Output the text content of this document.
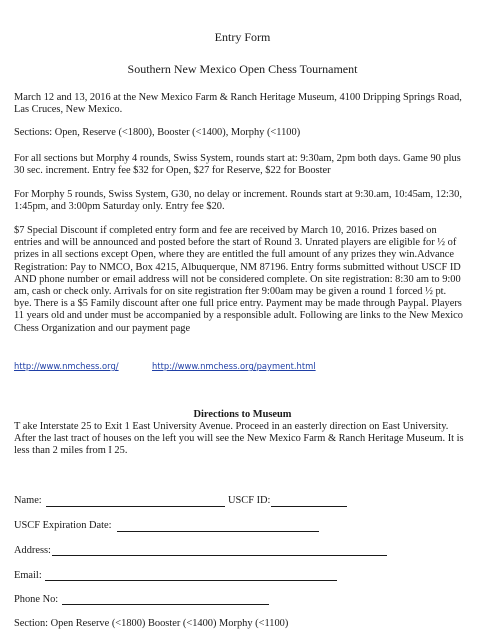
Entry Form
Southern New Mexico Open Chess Tournament

March 12 and 13, 2016 at the New Mexico Farm & Ranch Heritage Museum, 4100 Dripping Springs Road, Las Cruces, New Mexico.

Sections: Open, Reserve (<1800), Booster (<1400), Morphy (<1100)

For all sections but Morphy 4 rounds, Swiss System, rounds start at: 9:30am, 2pm both days. Game 90 plus 30 sec. increment. Entry fee $32 for Open, $27 for Reserve, $22 for Booster

For Morphy 5 rounds, Swiss System, G30, no delay or increment. Rounds start at 9:30.am, 10:45am, 12:30, 1:45pm, and 3:00pm Saturday only. Entry fee $20.

$7 Special Discount if completed entry form and fee are received by March 10, 2016. Prizes based on entries and will be announced and posted before the start of Round 3. Unrated players are eligible for ½ of prizes in all sections except Open, where they are entitled the full amount of any prizes they win.Advance Registration: Pay to NMCO, Box 4215, Albuquerque, NM 87196. Entry forms submitted without USCF ID AND phone number or email address will not be considered complete. On site registration: 8:30 am to 9:00 am, cash or check only. Arrivals for on site registration fter 9:00am may be given a round 1 forced ½ pt. bye. There is a $5 Family discount after one full price entry. Payment may be made through Paypal. Players 11 years old and under must be accompanied by a responsible adult. Following are links to the New Mexico Chess Organization and our payment page

http://www.nmchess.org/	http://www.nmchess.org/payment.html
Directions to Museum

T ake Interstate 25 to Exit 1 East University Avenue. Proceed in an easterly direction on East University. After the last tract of houses on the left you will see the New Mexico Farm & Ranch Heritage Museum. It is less than 2 miles from I 25.

Name:	USCF ID:
USCF Expiration Date:
Address:
Email:
Phone No:
Section: Open Reserve (<1800) Booster (<1400) Morphy (<1100)
